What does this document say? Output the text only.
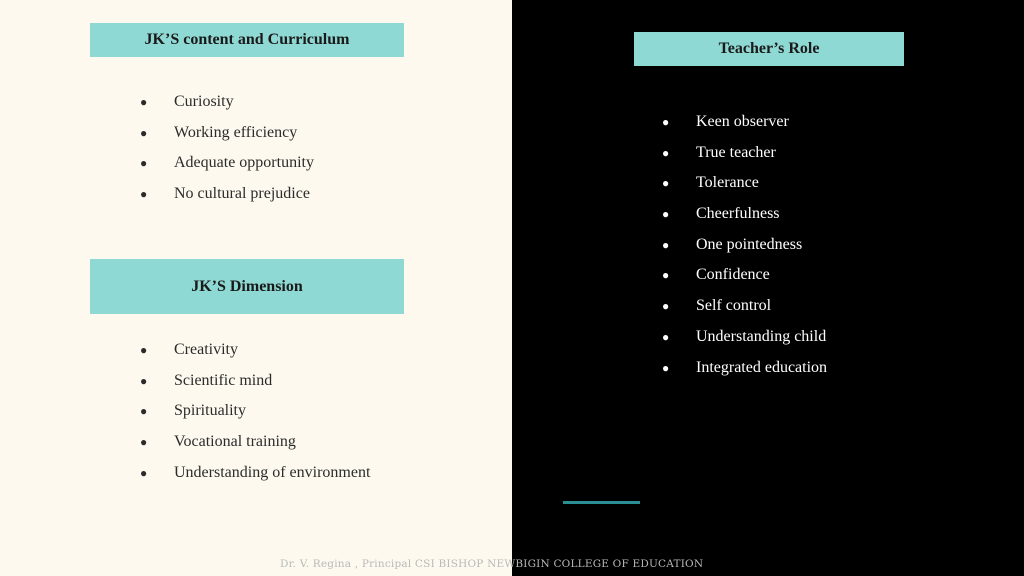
JK’S content and Curriculum
● Curiosity
● Working efficiency
● Adequate opportunity
● No cultural prejudice
JK’S Dimension
● Creativity
● Scientific mind
● Spirituality
● Vocational training
● Understanding of environment
Teacher’s Role
● Keen observer
● True teacher
● Tolerance
● Cheerfulness
● One pointedness
● Confidence
● Self control
● Understanding child
● Integrated education
Dr. V. Regina , Principal CSI BISHOP NEWBIGIN COLLEGE OF EDUCATION
